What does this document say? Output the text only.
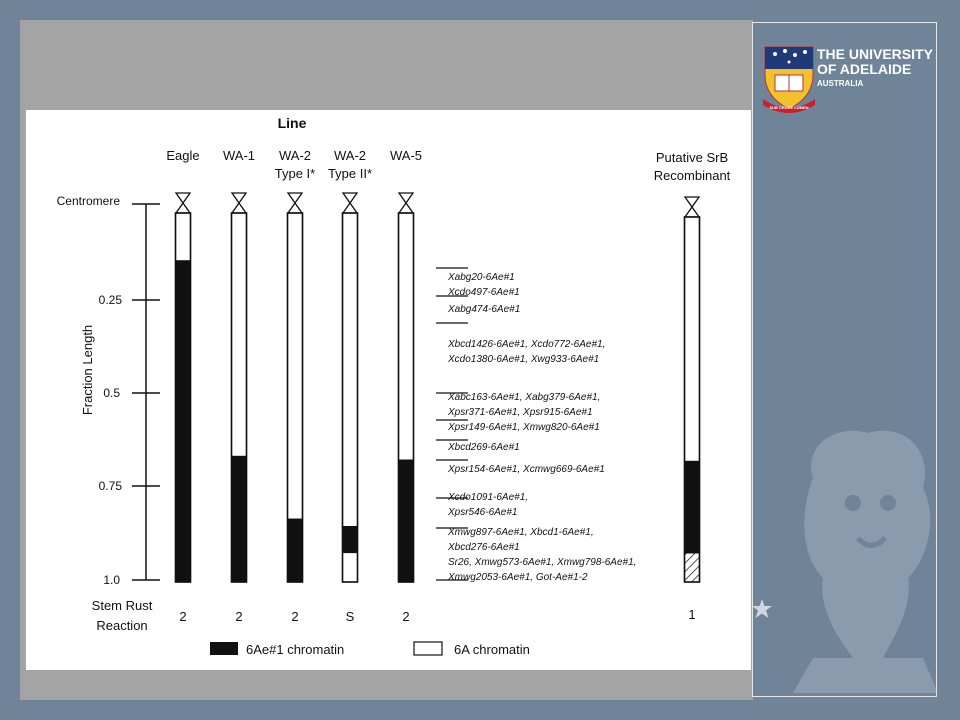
Line
Centromere
0.25
0.5
0.75
1.0
Fraction Length
Eagle
2
WA-1
2
WA-2
Type I*
2
WA-2
Type II*
S
WA-5
2
Putative SrB
Recombinant
1
Xabg20-6Ae#1
Xcdo497-6Ae#1
Xabg474-6Ae#1
Xbcd1426-6Ae#1, Xcdo772-6Ae#1,
Xcdo1380-6Ae#1, Xwg933-6Ae#1
Xabc163-6Ae#1, Xabg379-6Ae#1,
Xpsr371-6Ae#1, Xpsr915-6Ae#1
Xpsr149-6Ae#1, Xmwg820-6Ae#1
Xbcd269-6Ae#1
Xpsr154-6Ae#1, Xcmwg669-6Ae#1
Xcdo1091-6Ae#1,
Xpsr546-6Ae#1
Xmwg897-6Ae#1, Xbcd1-6Ae#1,
Xbcd276-6Ae#1
Sr26, Xmwg573-6Ae#1, Xmwg798-6Ae#1,
Xmwg2053-6Ae#1, Got-Ae#1-2
Stem Rust
Reaction
6Ae#1 chromatin	6A chromatin
SUB CRUCE LUMEN
THE UNIVERSITY
OF ADELAIDE
AUSTRALIA
